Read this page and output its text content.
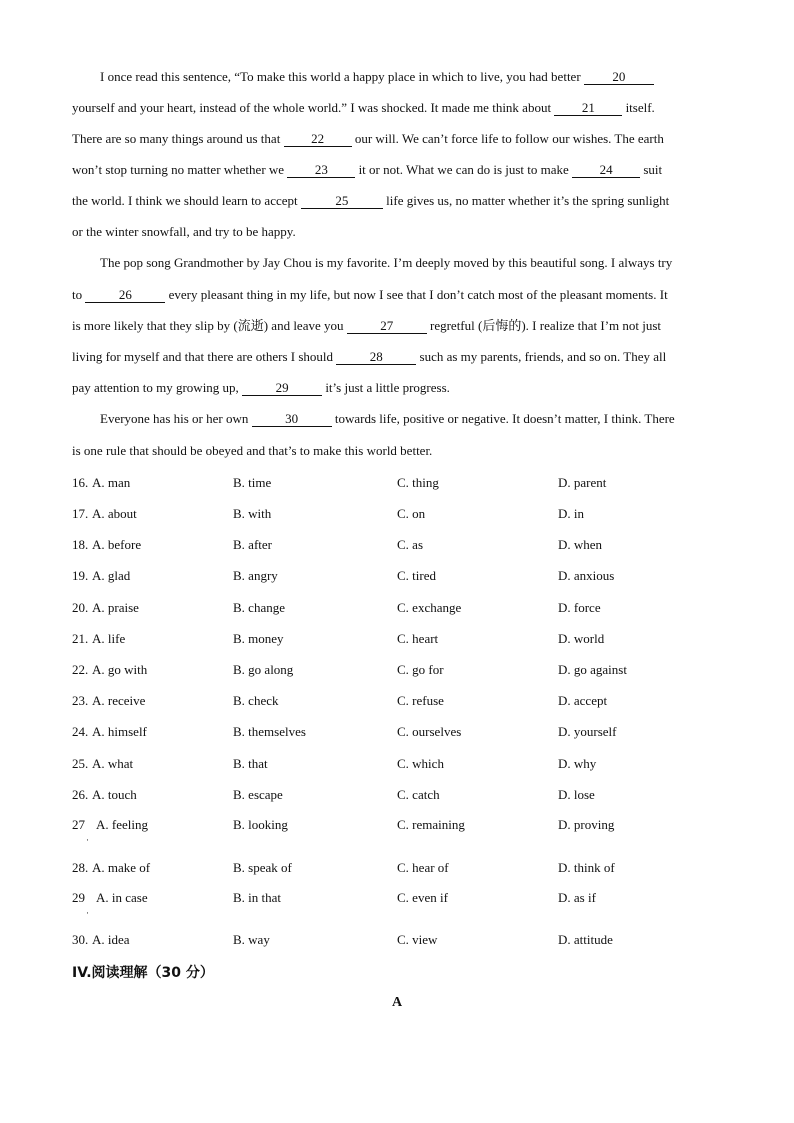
I once read this sentence, “To make this world a happy place in which to live, you had better 20
yourself and your heart, instead of the whole world.” I was shocked. It made me think about 21 itself.
There are so many things around us that 22 our will. We can’t force life to follow our wishes. The earth
won’t stop turning no matter whether we 23 it or not. What we can do is just to make 24 suit
the world. I think we should learn to accept	25	life gives us, no matter whether it’s the spring sunlight
or the winter snowfall, and try to be happy.
The pop song Grandmother by Jay Chou is my favorite. I’m deeply moved by this beautiful song. I always try
to	26	every pleasant thing in my life, but now I see that I don’t catch most of the pleasant moments. It
is more likely that they slip by (流逝) and leave you	27	regretful (后悔的). I realize that I’m not just
living for myself and that there are others I should	28	such as my parents, friends, and so on. They all
pay attention to my growing up,	29	it’s just a little progress.
Everyone has his or her own	30	towards life, positive or negative. It doesn’t matter, I think. There
is one rule that should be obeyed and that’s to make this world better.
16. A. man	B. time	C. thing	D. parent
17. A. about	B. with	C. on	D. in
18. A. before	B. after	C. as	D. when
19. A. glad	B. angry	C. tired	D. anxious
20. A. praise	B. change	C. exchange	D. force
21. A. life	B. money	C. heart	D. world
22. A. go with	B. go along	C. go for	D. go against
23. A. receive	B. check	C. refuse	D. accept
24. A. himself	B. themselves	C. ourselves	D. yourself
25. A. what	B. that	C. which	D. why
26. A. touch	B. escape	C. catch	D. lose
27 A. feeling	B. looking	C. remaining	D. proving
·
28. A. make of	B. speak of	C. hear of	D. think of
29 A. in case	B. in that	C. even if	D. as if
·
30. A. idea	B. way	C. view	D. attitude
IV.阅读理解（30 分）
A
